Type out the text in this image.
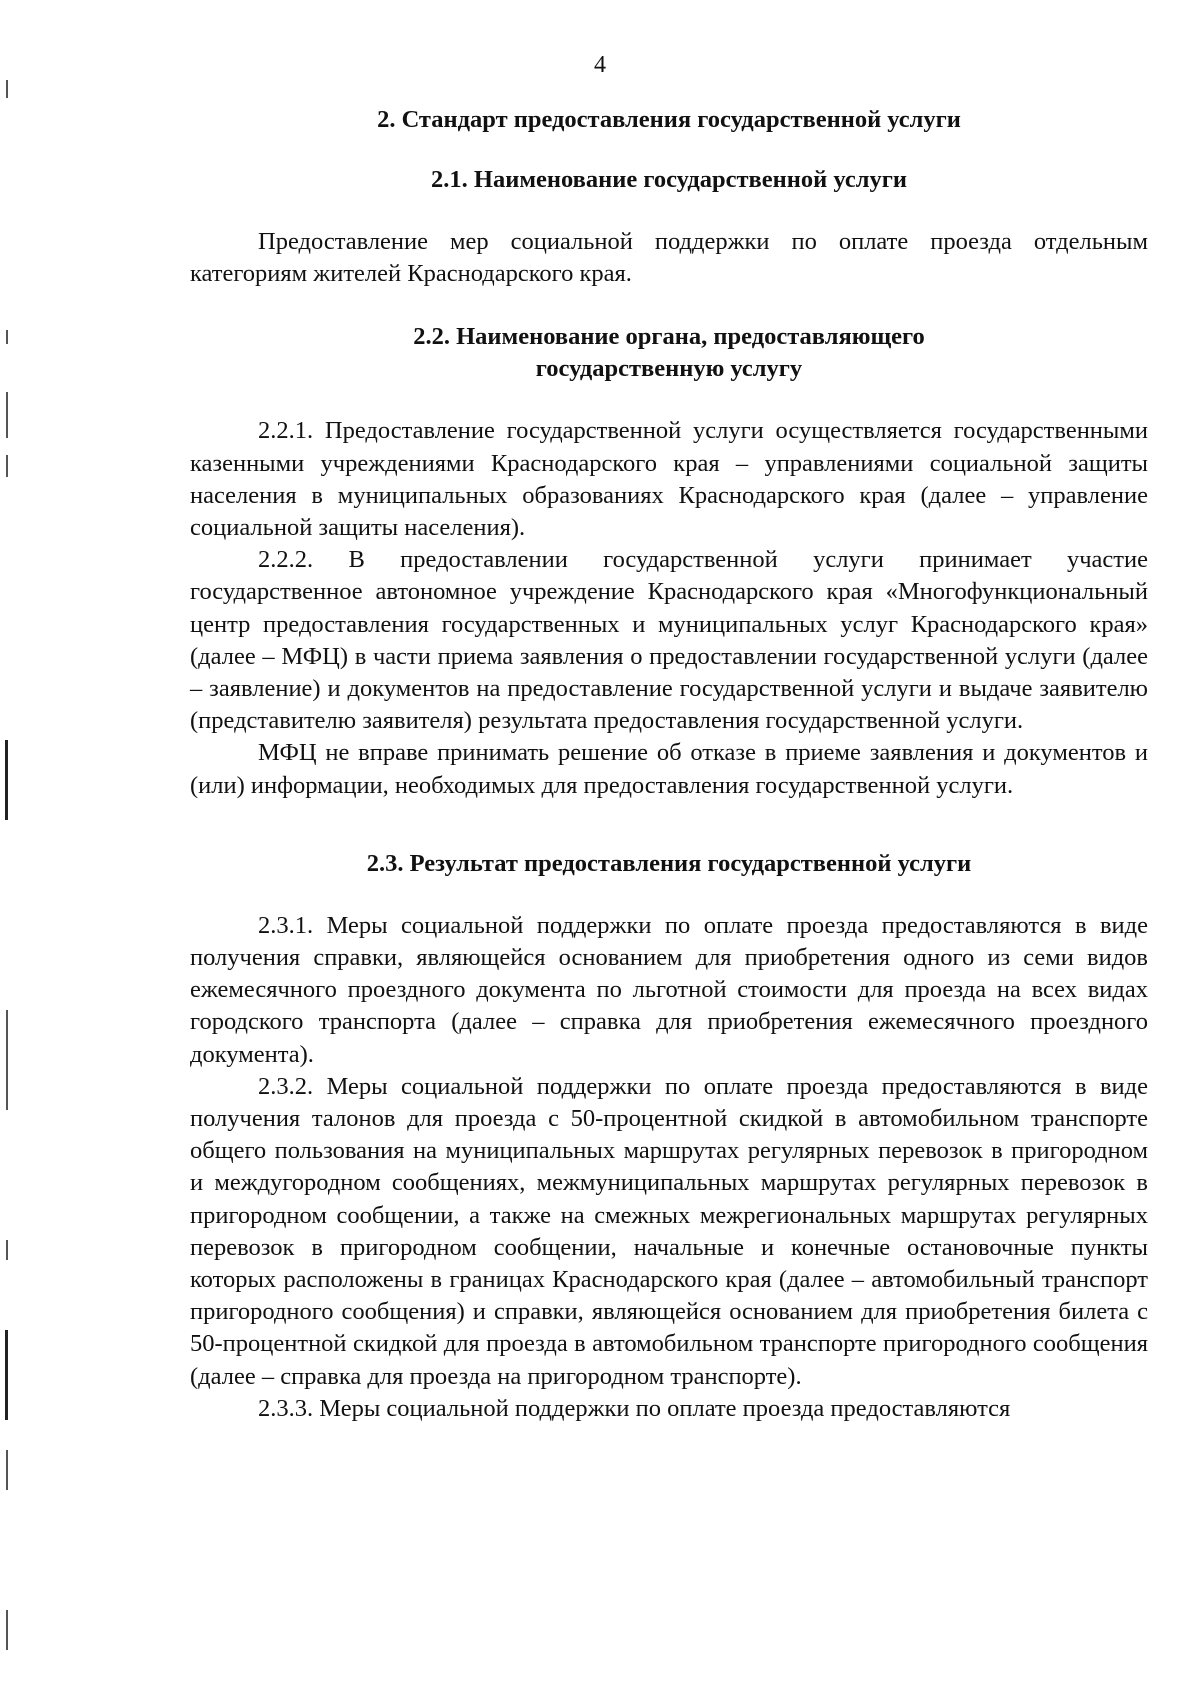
4
2. Стандарт предоставления государственной услуги
2.1. Наименование государственной услуги

Предоставление мер социальной поддержки по оплате проезда отдельным категориям жителей Краснодарского края.

2.2. Наименование органа, предоставляющего
государственную услугу

2.2.1. Предоставление государственной услуги осуществляется государственными казенными учреждениями Краснодарского края – управлениями социальной защиты населения в муниципальных образованиях Краснодарского края (далее – управление социальной защиты населения).

2.2.2. В предоставлении государственной услуги принимает участие государственное автономное учреждение Краснодарского края «Многофункциональный центр предоставления государственных и муниципальных услуг Краснодарского края» (далее – МФЦ) в части приема заявления о предоставлении государственной услуги (далее – заявление) и документов на предоставление государственной услуги и выдаче заявителю (представителю заявителя) результата предоставления государственной услуги.

МФЦ не вправе принимать решение об отказе в приеме заявления и документов и (или) информации, необходимых для предоставления государственной услуги.

2.3. Результат предоставления государственной услуги

2.3.1. Меры социальной поддержки по оплате проезда предоставляются в виде получения справки, являющейся основанием для приобретения одного из семи видов ежемесячного проездного документа по льготной стоимости для проезда на всех видах городского транспорта (далее – справка для приобретения ежемесячного проездного документа).

2.3.2. Меры социальной поддержки по оплате проезда предоставляются в виде получения талонов для проезда с 50-процентной скидкой в автомобильном транспорте общего пользования на муниципальных маршрутах регулярных перевозок в пригородном и междугородном сообщениях, межмуниципальных маршрутах регулярных перевозок в пригородном сообщении, а также на смежных межрегиональных маршрутах регулярных перевозок в пригородном сообщении, начальные и конечные остановочные пункты которых расположены в границах Краснодарского края (далее – автомобильный транспорт пригородного сообщения) и справки, являющейся основанием для приобретения билета с 50-процентной скидкой для проезда в автомобильном транспорте пригородного сообщения (далее – справка для проезда на пригородном транспорте).

2.3.3. Меры социальной поддержки по оплате проезда предоставляются
